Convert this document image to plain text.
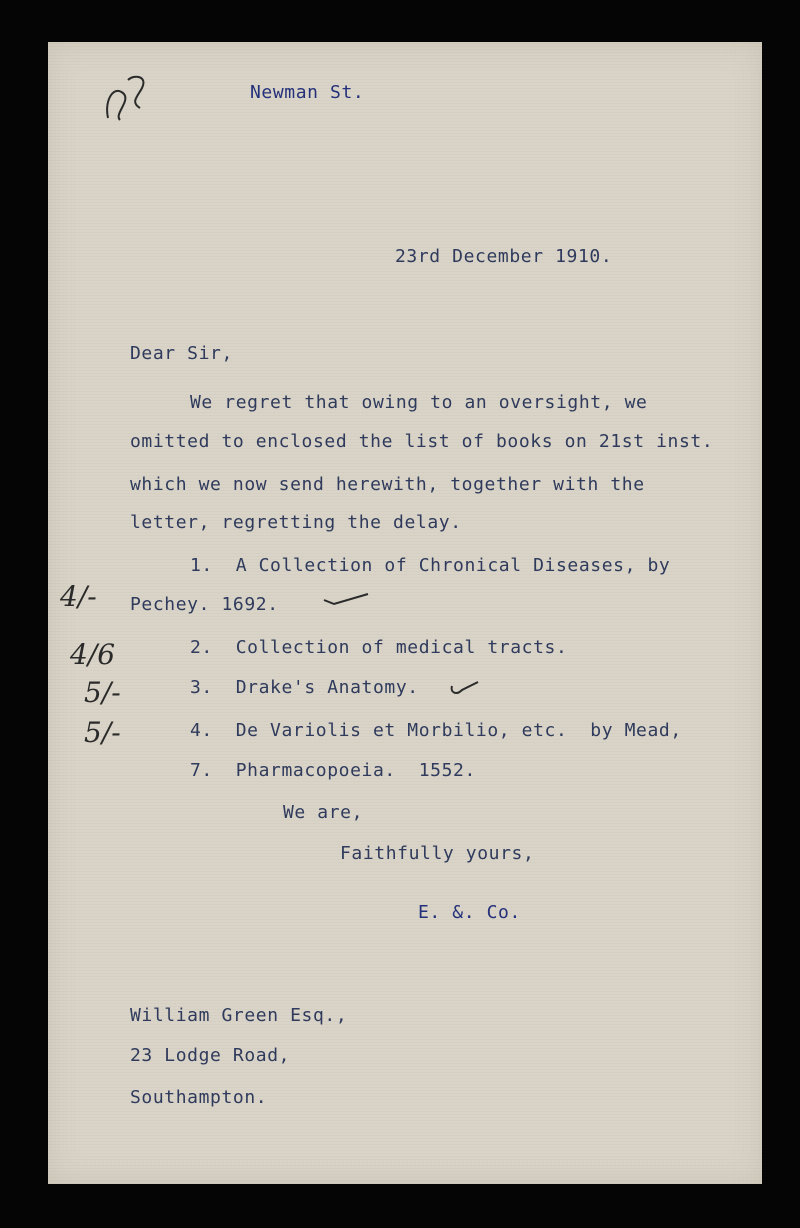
Newman St.
23rd December 1910.
Dear Sir,
We regret that owing to an oversight, we
omitted to enclosed the list of books on 21st inst.
which we now send herewith, together with the
letter, regretting the delay.
1.  A Collection of Chronical Diseases, by
Pechey. 1692.
4/-
2.  Collection of medical tracts.
4/6
3.  Drake's Anatomy.
5/-
4.  De Variolis et Morbilio, etc.  by Mead,
5/-
7.  Pharmacopoeia.  1552.
We are,
Faithfully yours,
E. &. Co.
William Green Esq.,
23 Lodge Road,
Southampton.
